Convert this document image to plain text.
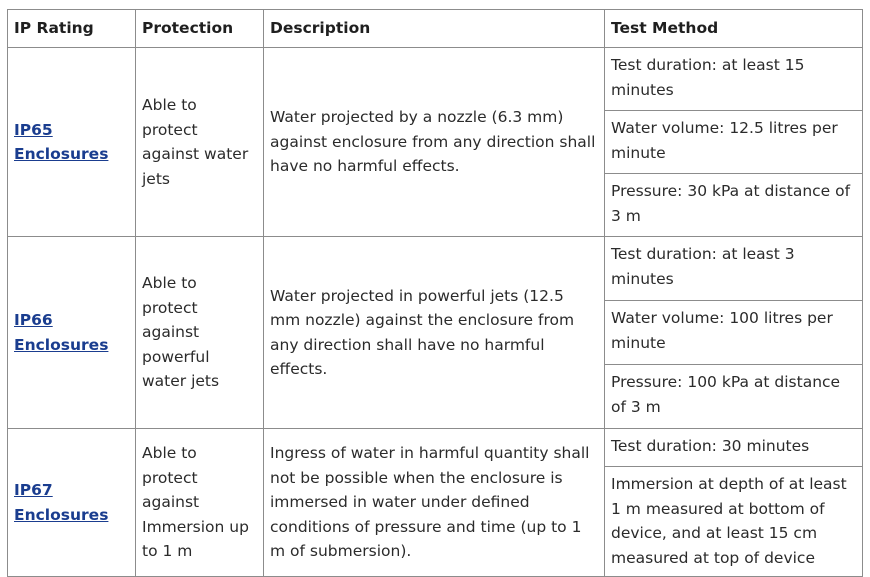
IP Rating	Protection	Description	Test Method
IP65 Enclosures	Able to protect against water jets	Water projected by a nozzle (6.3 mm) against enclosure from any direction shall have no harmful effects.	Test duration: at least 15 minutes
			Water volume: 12.5 litres per minute
			Pressure: 30 kPa at distance of 3 m
IP66 Enclosures	Able to protect against powerful water jets	Water projected in powerful jets (12.5 mm nozzle) against the enclosure from any direction shall have no harmful effects.	Test duration: at least 3 minutes
			Water volume: 100 litres per minute
			Pressure: 100 kPa at distance of 3 m
IP67 Enclosures	Able to protect against Immersion up to 1 m	Ingress of water in harmful quantity shall not be possible when the enclosure is immersed in water under defined conditions of pressure and time (up to 1 m of submersion).	Test duration: 30 minutes
			Immersion at depth of at least 1 m measured at bottom of device, and at least 15 cm measured at top of device
